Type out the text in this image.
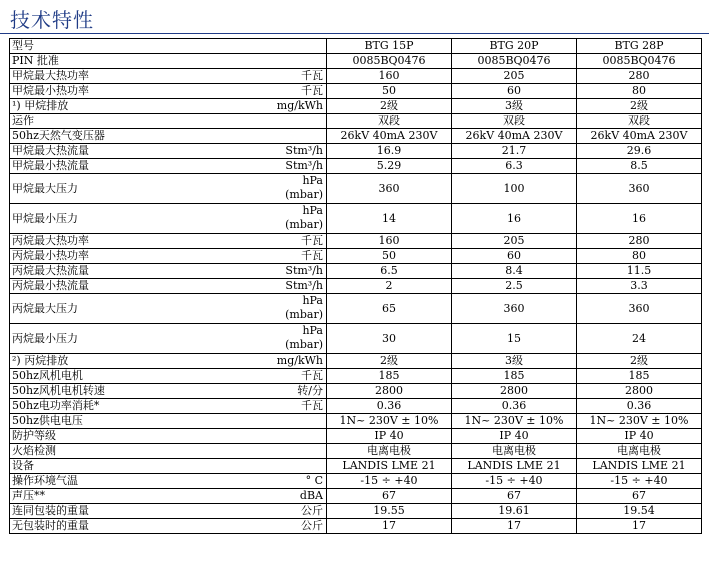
技术特性
型号	BTG 15P	BTG 20P	BTG 28P

PIN 批准	0085BQ0476	0085BQ0476	0085BQ0476

甲烷最大热功率 千瓦	160	205	280

甲烷最小热功率 千瓦	50	60	80

¹) 甲烷排放 mg/kWh	2级	3级	2级

运作	双段	双段	双段

50hz天然气变压器	26kV 40mA 230V	26kV 40mA 230V	26kV 40mA 230V

甲烷最大热流量 Stm³/h	16.9	21.7	29.6

甲烷最小热流量 Stm³/h	5.29	6.3	8.5

甲烷最大压力
hPa
(mbar)	360	100	360

甲烷最小压力
hPa
(mbar)	14	16	16

丙烷最大热功率 千瓦	160	205	280

丙烷最小热功率 千瓦	50	60	80

丙烷最大热流量 Stm³/h	6.5	8.4	11.5

丙烷最小热流量 Stm³/h	2	2.5	3.3

丙烷最大压力
hPa
(mbar)	65	360	360

丙烷最小压力
hPa
(mbar)	30	15	24

²) 丙烷排放 mg/kWh	2级	3级	2级

50hz风机电机 千瓦	185	185	185

50hz风机电机转速 转/分	2800	2800	2800

50hz电功率消耗* 千瓦	0.36	0.36	0.36

50hz供电电压	1N~ 230V ± 10%	1N~ 230V ± 10%	1N~ 230V ± 10%

防护等级	IP 40	IP 40	IP 40

火焰检测	电离电极	电离电极	电离电极

设备	LANDIS LME 21	LANDIS LME 21	LANDIS LME 21

操作环境气温 ° C	-15 ÷ +40	-15 ÷ +40	-15 ÷ +40

声压** dBA	67	67	67

连同包装的重量 公斤	19.55	19.61	19.54

无包装时的重量 公斤	17	17	17
